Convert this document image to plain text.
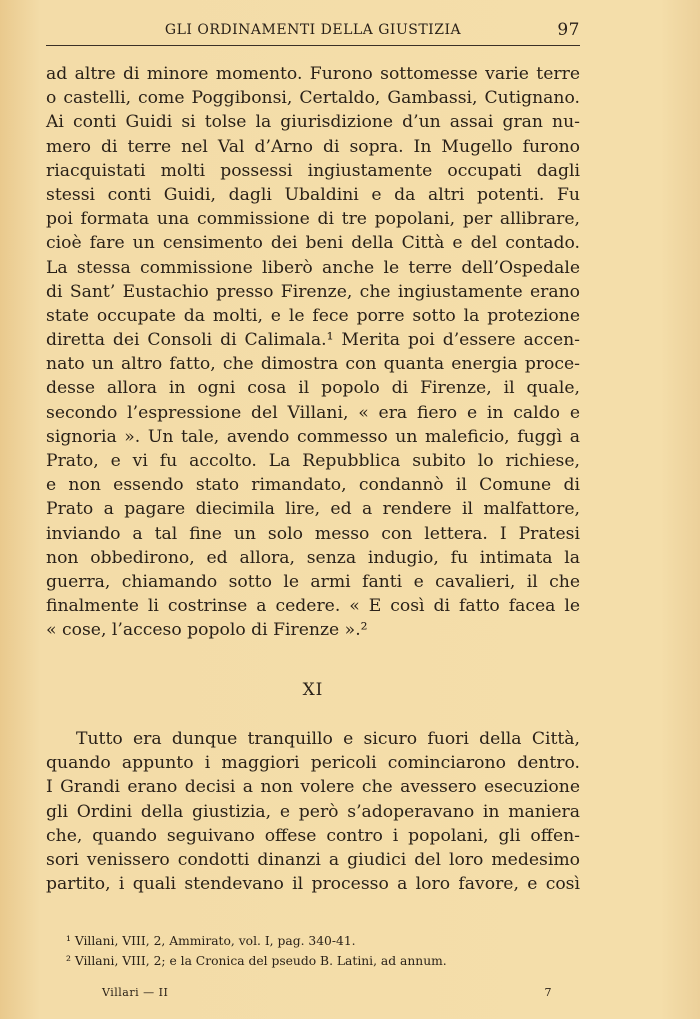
GLI ORDINAMENTI DELLA GIUSTIZIA	97
ad altre di minore momento. Furono sottomesse varie terre
o castelli, come Poggibonsi, Certaldo, Gambassi, Cutignano.
Ai conti Guidi si tolse la giurisdizione d’un assai gran nu-
mero di terre nel Val d’Arno di sopra. In Mugello furono
riacquistati molti possessi ingiustamente occupati dagli
stessi conti Guidi, dagli Ubaldini e da altri potenti. Fu
poi formata una commissione di tre popolani, per allibrare,
cioè fare un censimento dei beni della Città e del contado.
La stessa commissione liberò anche le terre dell’Ospedale
di Sant’ Eustachio presso Firenze, che ingiustamente erano
state occupate da molti, e le fece porre sotto la protezione
diretta dei Consoli di Calimala.¹ Merita poi d’essere accen-
nato un altro fatto, che dimostra con quanta energia proce-
desse allora in ogni cosa il popolo di Firenze, il quale,
secondo l’espressione del Villani, « era fiero e in caldo e
signoria ». Un tale, avendo commesso un maleficio, fuggì a
Prato, e vi fu accolto. La Repubblica subito lo richiese,
e non essendo stato rimandato, condannò il Comune di
Prato a pagare diecimila lire, ed a rendere il malfattore,
inviando a tal fine un solo messo con lettera. I Pratesi
non obbedirono, ed allora, senza indugio, fu intimata la
guerra, chiamando sotto le armi fanti e cavalieri, il che
finalmente li costrinse a cedere. « E così di fatto facea le
« cose, l’acceso popolo di Firenze ».²
XI
Tutto era dunque tranquillo e sicuro fuori della Città,
quando appunto i maggiori pericoli cominciarono dentro.
I Grandi erano decisi a non volere che avessero esecuzione
gli Ordini della giustizia, e però s’adoperavano in maniera
che, quando seguivano offese contro i popolani, gli offen-
sori venissero condotti dinanzi a giudici del loro medesimo
partito, i quali stendevano il processo a loro favore, e così
¹ Villani, VIII, 2, Ammirato, vol. I, pag. 340-41.
² Villani, VIII, 2; e la Cronica del pseudo B. Latini, ad annum.
Villari — II	7
